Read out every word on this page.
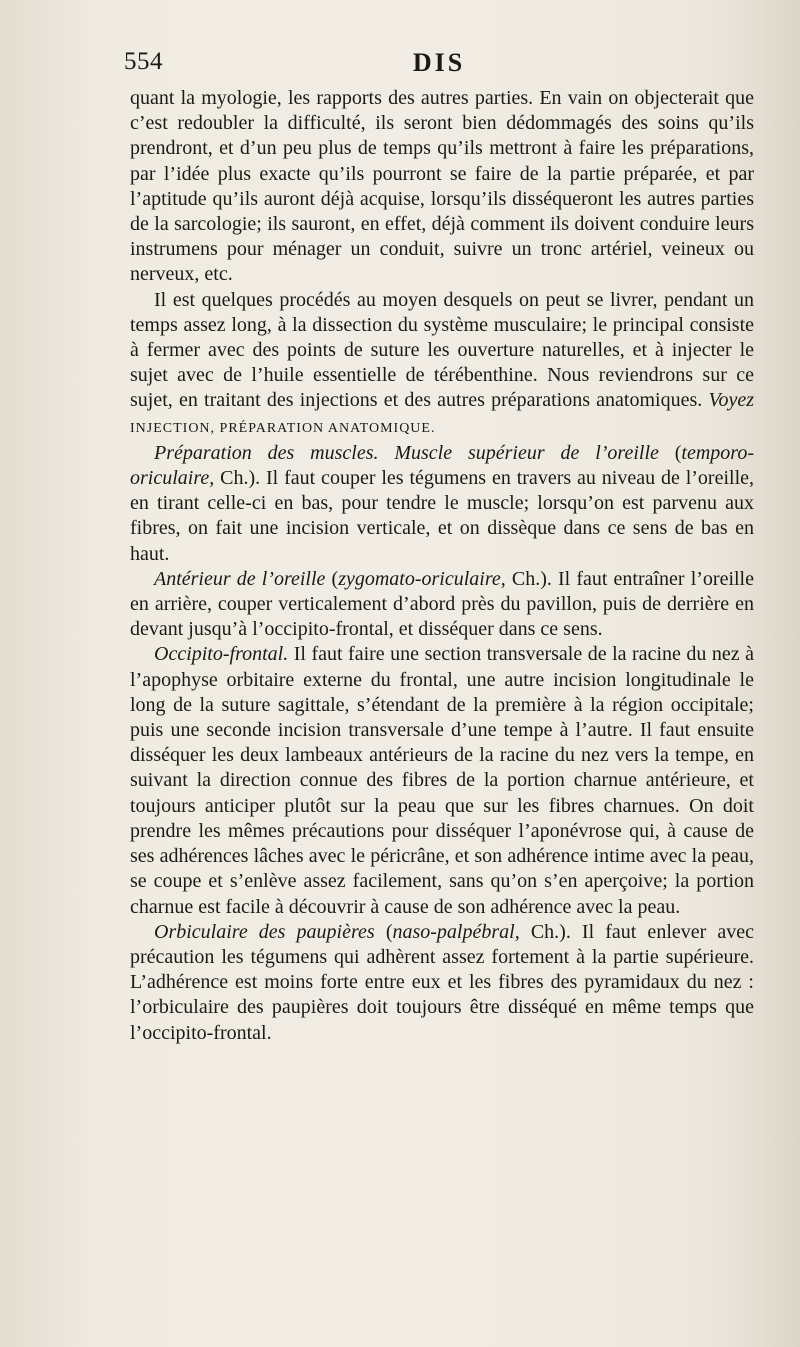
554	DIS

quant la myologie, les rapports des autres parties. En vain on objecterait que c’est redoubler la difficulté, ils seront bien dédommagés des soins qu’ils prendront, et d’un peu plus de temps qu’ils mettront à faire les préparations, par l’idée plus exacte qu’ils pourront se faire de la partie préparée, et par l’aptitude qu’ils auront déjà acquise, lorsqu’ils disséqueront les autres parties de la sarcologie; ils sauront, en effet, déjà comment ils doivent conduire leurs instrumens pour ménager un conduit, suivre un tronc artériel, veineux ou nerveux, etc.

Il est quelques procédés au moyen desquels on peut se livrer, pendant un temps assez long, à la dissection du système musculaire; le principal consiste à fermer avec des points de suture les ouverture naturelles, et à injecter le sujet avec de l’huile essentielle de térébenthine. Nous reviendrons sur ce sujet, en traitant des injections et des autres préparations anatomiques. Voyez INJECTION, PRÉPARATION ANATOMIQUE.

Préparation des muscles. Muscle supérieur de l’oreille (temporo-oriculaire, Ch.). Il faut couper les tégumens en travers au niveau de l’oreille, en tirant celle-ci en bas, pour tendre le muscle; lorsqu’on est parvenu aux fibres, on fait une incision verticale, et on dissèque dans ce sens de bas en haut.

Antérieur de l’oreille (zygomato-oriculaire, Ch.). Il faut entraîner l’oreille en arrière, couper verticalement d’abord près du pavillon, puis de derrière en devant jusqu’à l’occipito-frontal, et disséquer dans ce sens.

Occipito-frontal. Il faut faire une section transversale de la racine du nez à l’apophyse orbitaire externe du frontal, une autre incision longitudinale le long de la suture sagittale, s’étendant de la première à la région occipitale; puis une seconde incision transversale d’une tempe à l’autre. Il faut ensuite disséquer les deux lambeaux antérieurs de la racine du nez vers la tempe, en suivant la direction connue des fibres de la portion charnue antérieure, et toujours anticiper plutôt sur la peau que sur les fibres charnues. On doit prendre les mêmes précautions pour disséquer l’aponévrose qui, à cause de ses adhérences lâches avec le péricrâne, et son adhérence intime avec la peau, se coupe et s’enlève assez facilement, sans qu’on s’en aperçoive; la portion charnue est facile à découvrir à cause de son adhérence avec la peau.

Orbiculaire des paupières (naso-palpébral, Ch.). Il faut enlever avec précaution les tégumens qui adhèrent assez fortement à la partie supérieure. L’adhérence est moins forte entre eux et les fibres des pyramidaux du nez : l’orbiculaire des paupières doit toujours être disséqué en même temps que l’occipito-frontal.
